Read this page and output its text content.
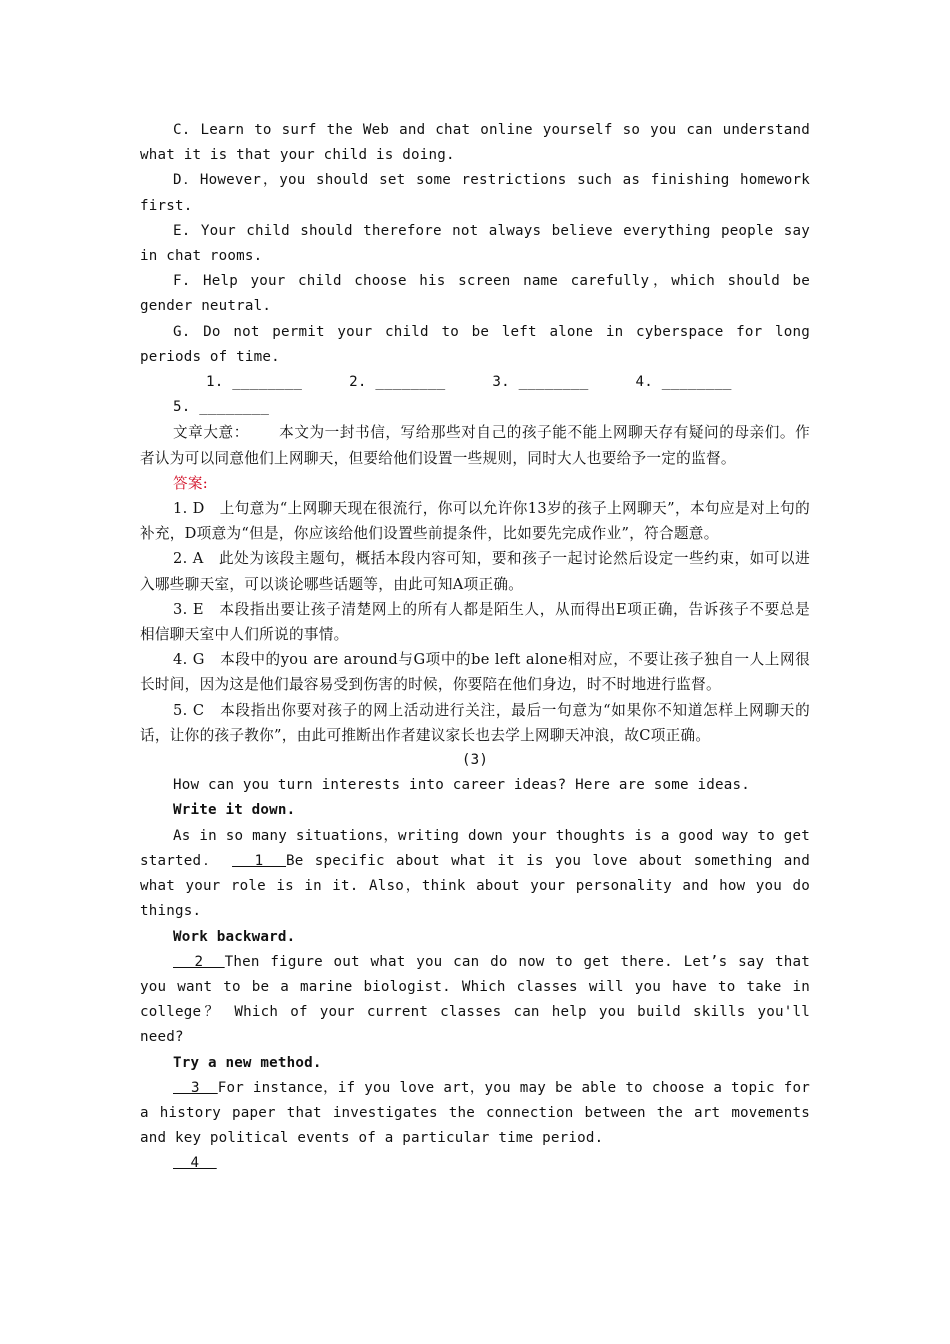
C. Learn to surf the Web and chat online yourself so you can understand what it is that your child is doing.

D．However，you should set some restrictions such as finishing homework first.

E. Your child should therefore not always believe everything people say in chat rooms.

F. Help your child choose his screen name carefully，which should be gender neutral.

G. Do not permit your child to be left alone in cyberspace for long periods of time.

1. ________	2. ________	3. ________	4. ________5. ________

文章大意： 本文为一封书信，写给那些对自己的孩子能不能上网聊天存有疑问的母亲们。作者认为可以同意他们上网聊天，但要给他们设置一些规则，同时大人也要给予一定的监督。

答案:

1. D　上句意为“上网聊天现在很流行，你可以允许你13岁的孩子上网聊天”，本句应是对上句的补充，D项意为“但是，你应该给他们设置些前提条件，比如要先完成作业”，符合题意。

2. A　此处为该段主题句，概括本段内容可知，要和孩子一起讨论然后设定一些约束，如可以进入哪些聊天室，可以谈论哪些话题等，由此可知A项正确。

3. E　本段指出要让孩子清楚网上的所有人都是陌生人，从而得出E项正确，告诉孩子不要总是相信聊天室中人们所说的事情。

4. G　本段中的you are around与G项中的be left alone相对应，不要让孩子独自一人上网很长时间，因为这是他们最容易受到伤害的时候，你要陪在他们身边，时不时地进行监督。

5. C　本段指出你要对孩子的网上活动进行关注，最后一句意为“如果你不知道怎样上网聊天的话，让你的孩子教你”，由此可推断出作者建议家长也去学上网聊天冲浪，故C项正确。

(3)

How can you turn interests into career ideas? Here are some ideas.

Write it down.

As in so many situations，writing down your thoughts is a good way to get started．   1  Be specific about what it is you love about something and what your role is in it. Also，think about your personality and how you do things.

Work backward.

2  Then figure out what you can do now to get there. Let’s say that you want to be a marine biologist. Which classes will you have to take in college？ Which of your current classes can help you build skills you'll need?

Try a new method.

3  For instance，if you love art，you may be able to choose a topic for a history paper that investigates the connection between the art movements and key political events of a particular time period.

4
